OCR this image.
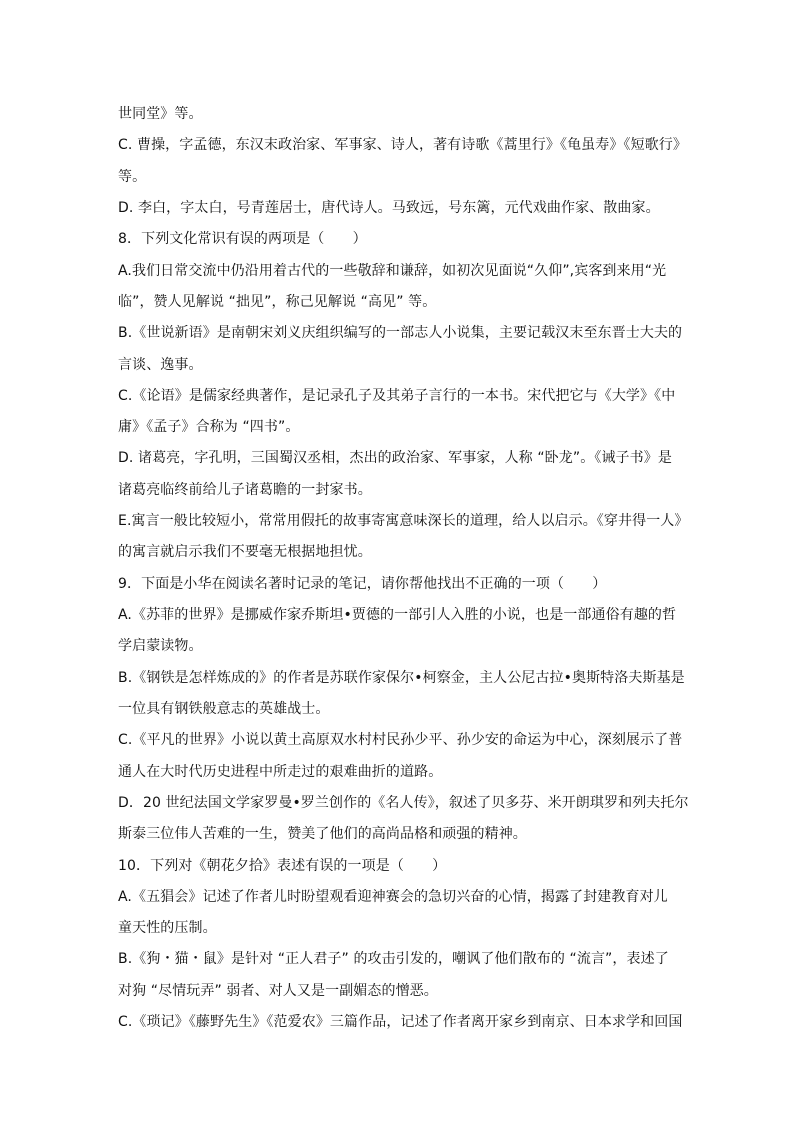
世同堂》等。
C. 曹操，字孟德，东汉末政治家、军事家、诗人，著有诗歌《蒿里行》《龟虽寿》《短歌行》
等。
D. 李白，字太白，号青莲居士，唐代诗人。马致远，号东篱，元代戏曲作家、散曲家。
8．下列文化常识有误的两项是（　　）
A.我们日常交流中仍沿用着古代的一些敬辞和谦辞，如初次见面说“久仰”,宾客到来用“光
临”，赞人见解说 “拙见”，称己见解说 “高见” 等。
B.《世说新语》是南朝宋刘义庆组织编写的一部志人小说集，主要记载汉末至东晋士大夫的
言谈、逸事。
C.《论语》是儒家经典著作，是记录孔子及其弟子言行的一本书。宋代把它与《大学》《中
庸》《孟子》合称为 “四书”。
D. 诸葛亮，字孔明，三国蜀汉丞相，杰出的政治家、军事家，人称 “卧龙”。《诫子书》是
诸葛亮临终前给儿子诸葛瞻的一封家书。
E.寓言一般比较短小，常常用假托的故事寄寓意味深长的道理，给人以启示。《穿井得一人》
的寓言就启示我们不要毫无根据地担忧。
9．下面是小华在阅读名著时记录的笔记，请你帮他找出不正确的一项（　　）
A.《苏菲的世界》是挪威作家乔斯坦•贾德的一部引人入胜的小说，也是一部通俗有趣的哲
学启蒙读物。
B.《钢铁是怎样炼成的》的作者是苏联作家保尔•柯察金，主人公尼古拉•奥斯特洛夫斯基是
一位具有钢铁般意志的英雄战士。
C.《平凡的世界》小说以黄土高原双水村村民孙少平、孙少安的命运为中心，深刻展示了普
通人在大时代历史进程中所走过的艰难曲折的道路。
D．20 世纪法国文学家罗曼•罗兰创作的《名人传》，叙述了贝多芬、米开朗琪罗和列夫托尔
斯泰三位伟人苦难的一生，赞美了他们的高尚品格和顽强的精神。
10．下列对《朝花夕拾》表述有误的一项是（　　）
A.《五猖会》记述了作者儿时盼望观看迎神赛会的急切兴奋的心情，揭露了封建教育对儿
童天性的压制。
B.《狗・猫・鼠》是针对 “正人君子” 的攻击引发的，嘲讽了他们散布的 “流言”，表述了
对狗 “尽情玩弄” 弱者、对人又是一副媚态的憎恶。
C.《琐记》《藤野先生》《范爱农》三篇作品，记述了作者离开家乡到南京、日本求学和回国
